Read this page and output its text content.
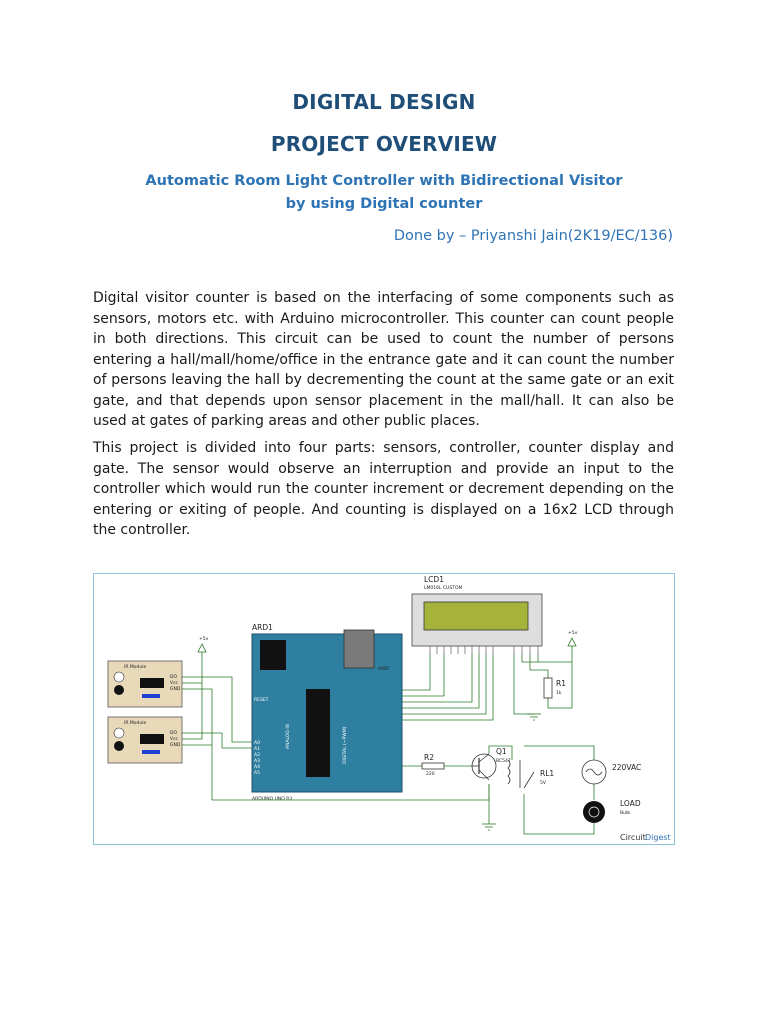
DIGITAL DESIGN
PROJECT OVERVIEW
Automatic Room Light Controller with Bidirectional Visitor
by using Digital counter
Done by – Priyanshi Jain(2K19/EC/136)

Digital visitor counter is based on the interfacing of some components such as sensors, motors etc. with Arduino microcontroller. This counter can count people in both directions. This circuit can be used to count the number of persons entering a hall/mall/home/office in the entrance gate and it can count the number of persons leaving the hall by decrementing the count at the same gate or an exit gate, and that depends upon sensor placement in the mall/hall. It can also be used at gates of parking areas and other public places.

This project is divided into four parts: sensors, controller, counter display and gate. The sensor would observe an interruption and provide an input to the controller which would run the counter increment or decrement depending on the entering or exiting of people. And counting is displayed on a 16x2 LCD through the controller.

LCD1
LM016L CUSTOM
ARD1
RESET
AREF
ANALOG IN	DIGITAL (~PWM)
ARDUINO UNO R3
A0
A1
A2
A3
A4
A5
IR Module
DO
Vcc
GND
IR Module
DO
Vcc
GND
+5v
+5v
R1
1k
R2
220
Q1
BC547
RL1
5V
220VAC
LOAD
Bulb
Circuit Digest
